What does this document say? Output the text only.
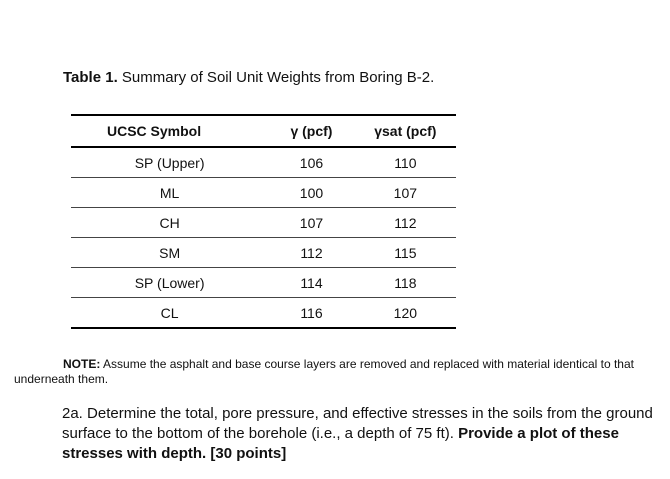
Table 1. Summary of Soil Unit Weights from Boring B-2.
UCSC Symbol	γ (pcf)	γsat (pcf)
SP (Upper)	106	110
ML	100	107
CH	107	112
SM	112	115
SP (Lower)	114	118
CL	116	120
NOTE: Assume the asphalt and base course layers are removed and replaced with material identical to that underneath them.
2a. Determine the total, pore pressure, and effective stresses in the soils from the ground surface to the bottom of the borehole (i.e., a depth of 75 ft). Provide a plot of these stresses with depth. [30 points]
